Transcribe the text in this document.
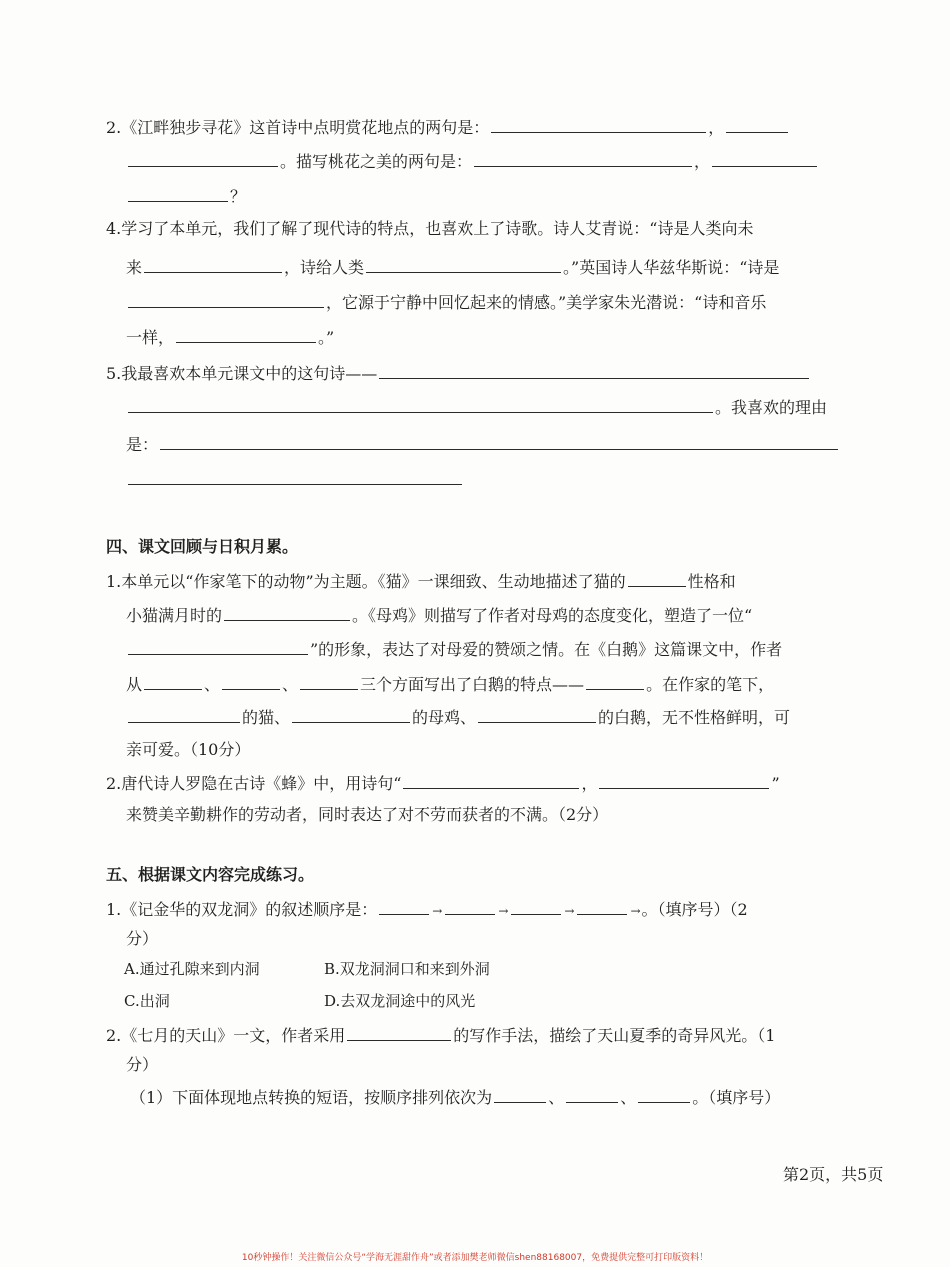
2.《江畔独步寻花》这首诗中点明赏花地点的两句是：	，
。描写桃花之美的两句是：	，
？
4.学习了本单元，我们了解了现代诗的特点，也喜欢上了诗歌。诗人艾青说：“诗是人类向未
来	，诗给人类	。”英国诗人华兹华斯说：“诗是
，它源于宁静中回忆起来的情感。”美学家朱光潜说：“诗和音乐
一样，	。”
5.我最喜欢本单元课文中的这句诗——
。我喜欢的理由
是：
四、课文回顾与日积月累。
1.本单元以“作家笔下的动物”为主题。《猫》一课细致、生动地描述了猫的	性格和
小猫满月时的	。《母鸡》则描写了作者对母鸡的态度变化，塑造了一位“
”的形象，表达了对母爱的赞颂之情。在《白鹅》这篇课文中，作者
从	、	、	三个方面写出了白鹅的特点——	。在作家的笔下，
的猫、	的母鸡、	的白鹅，无不性格鲜明，可
亲可爱。（10分）
2.唐代诗人罗隐在古诗《蜂》中，用诗句“	，	”
来赞美辛勤耕作的劳动者，同时表达了对不劳而获者的不满。（2分）
五、根据课文内容完成练习。
1.《记金华的双龙洞》的叙述顺序是：	→	→	→	→。（填序号）（2
分）
A.通过孔隙来到内洞	B.双龙洞洞口和来到外洞
C.出洞	D.去双龙洞途中的风光
2.《七月的天山》一文，作者采用	的写作手法，描绘了天山夏季的奇异风光。（1
分）
（1）下面体现地点转换的短语，按顺序排列依次为	、	、	。（填序号）
第2页，共5页
10秒钟操作！关注微信公众号“学海无涯甜作舟”或者添加樊老师微信shen88168007，免费提供完整可打印版资料！
